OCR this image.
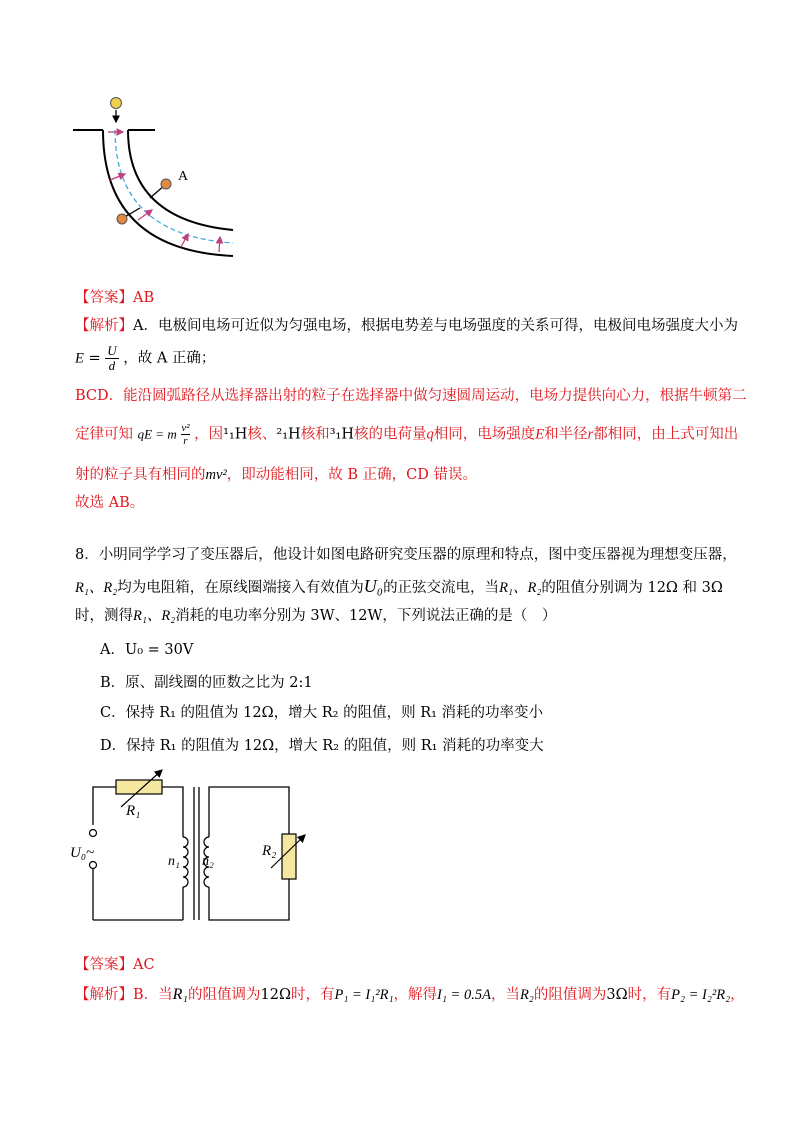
A
【答案】AB
【解析】A．电极间电场可近似为匀强电场，根据电势差与电场强度的关系可得，电极间电场强度大小为
$E = \frac{U}{d}$ ，故 A 正确；
BCD．能沿圆弧路径从选择器出射的粒子在选择器中做匀速圆周运动，电场力提供向心力，根据牛顿第二
定律可知 qE = m $\frac{\text{v²}}{r}$ ，因¹₁H核、²₁H核和³₁H核的电荷量q相同，电场强度E和半径r都相同，由上式可知出
射的粒子具有相同的mv²，即动能相同，故 B 正确，CD 错误。
故选 AB。
8．小明同学学习了变压器后，他设计如图电路研究变压器的原理和特点，图中变压器视为理想变压器，
R₁、R₂均为电阻箱，在原线圈端接入有效值为U₀的正弦交流电，当R₁、R₂的阻值分别调为 12Ω 和 3Ω
时，测得R₁、R₂消耗的电功率分别为 3W、12W，下列说法正确的是（　）
A．U₀ = 30V
B．原、副线圈的匝数之比为 2:1
C．保持 R₁ 的阻值为 12Ω，增大 R₂ 的阻值，则 R₁ 消耗的功率变小
D．保持 R₁ 的阻值为 12Ω，增大 R₂ 的阻值，则 R₁ 消耗的功率变大
R₁
U₀~
n₁ n₂
R₂
【答案】AC
【解析】B．当R₁的阻值调为12Ω时，有P₁ = I₁²R₁，解得I₁ = 0.5A，当R₂的阻值调为3Ω时，有P₂ = I₂²R₂，
